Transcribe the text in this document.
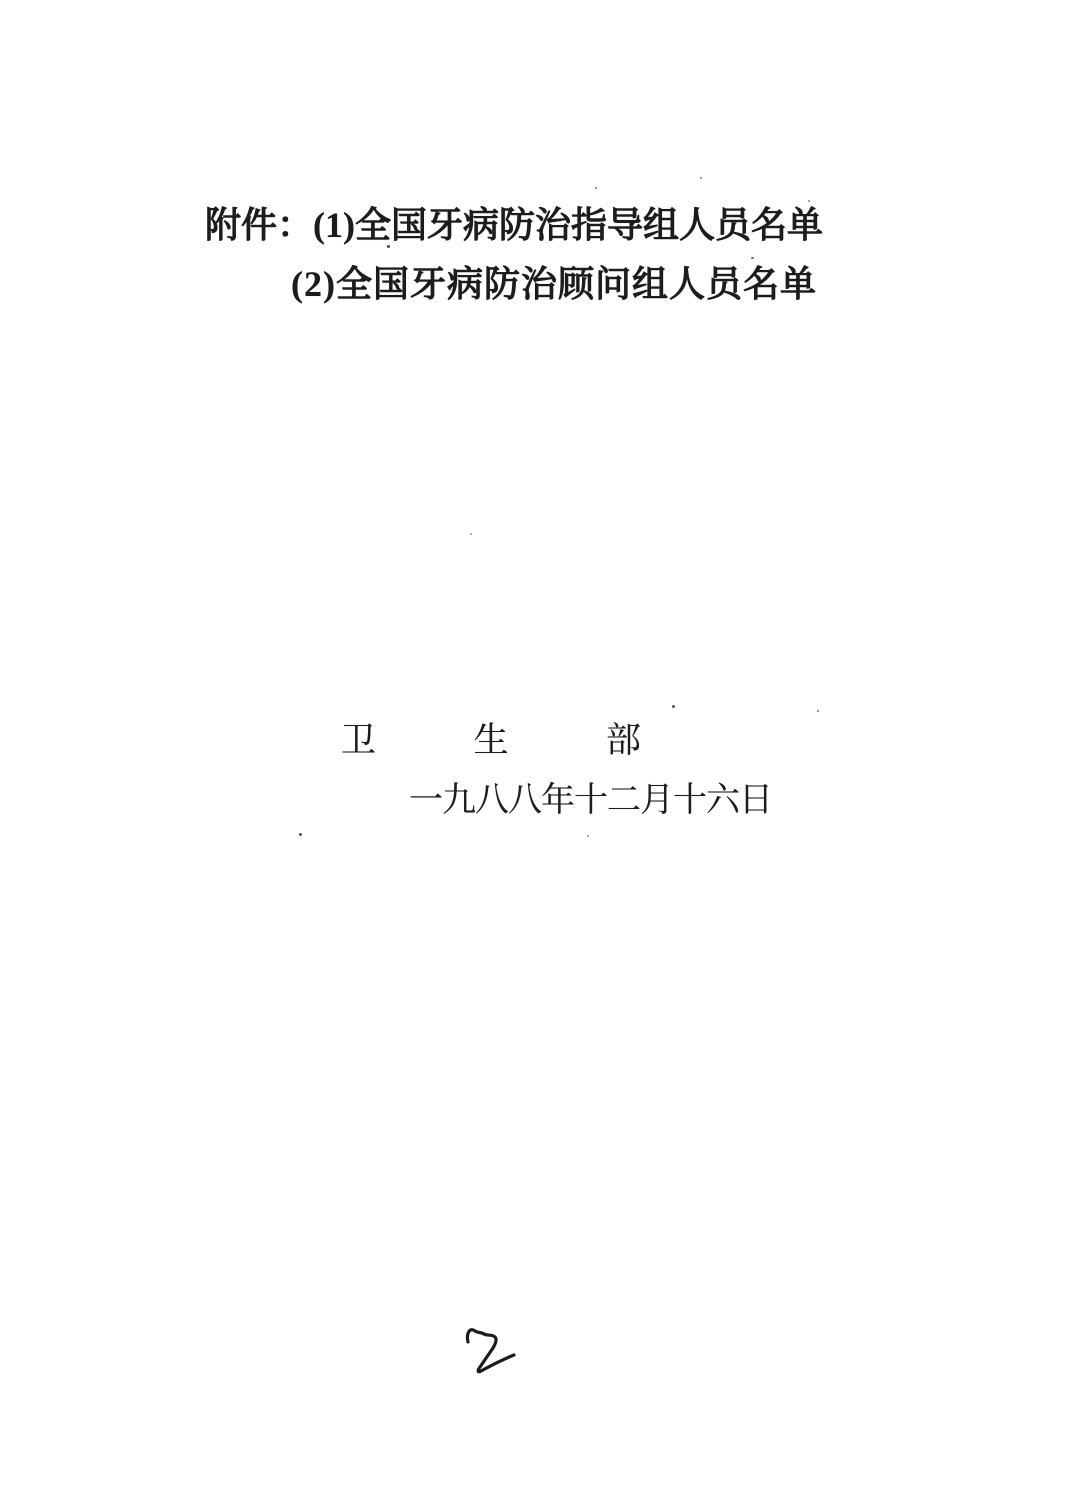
附件：(1)全国牙病防治指导组人员名单
(2)全国牙病防治顾问组人员名单
卫	生	部
一九八八年十二月十六日
